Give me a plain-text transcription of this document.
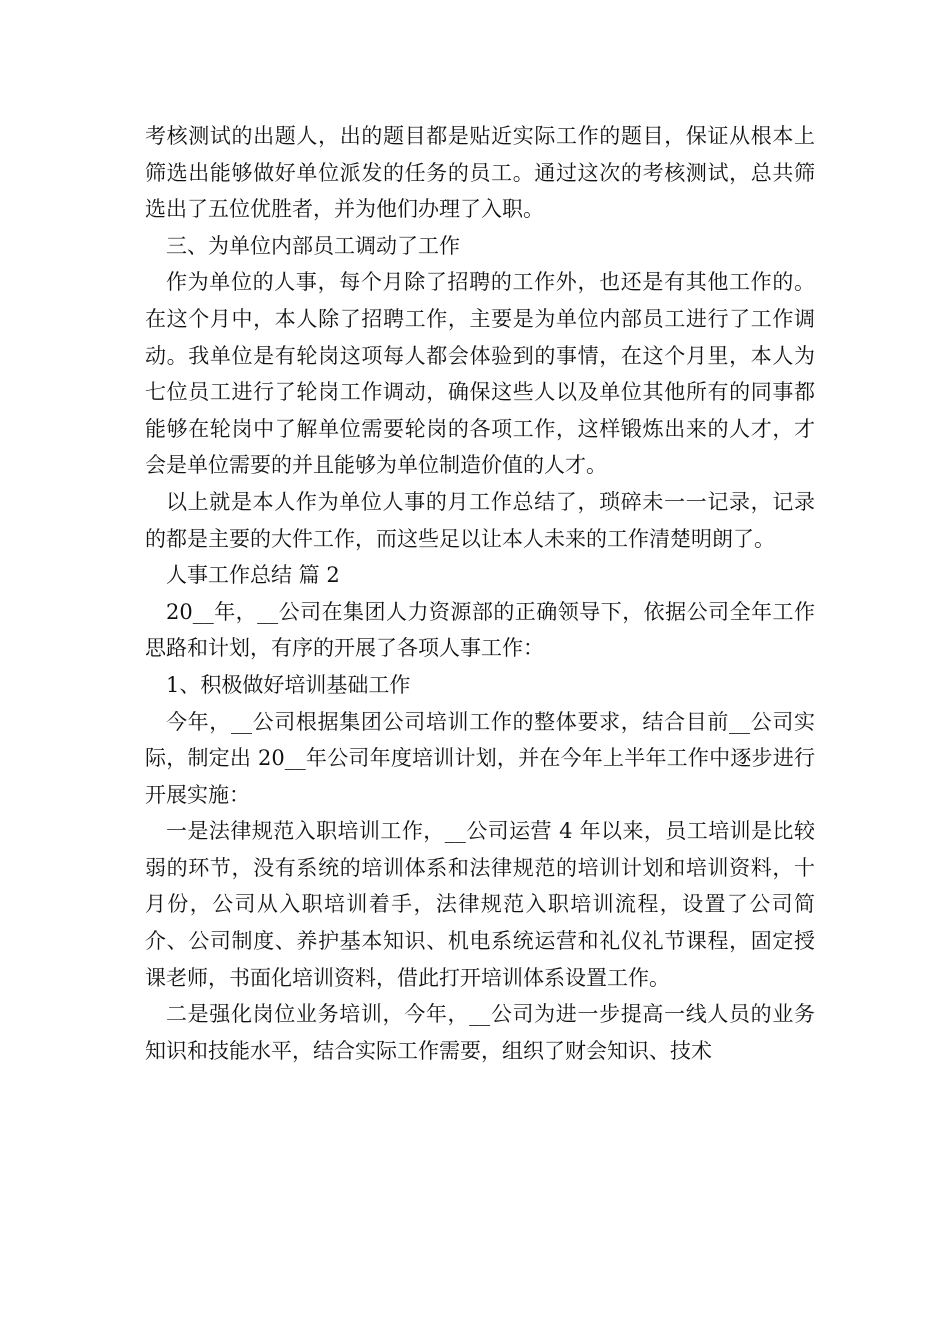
考核测试的出题人，出的题目都是贴近实际工作的题目，保证从根本上筛选出能够做好单位派发的任务的员工。通过这次的考核测试，总共筛选出了五位优胜者，并为他们办理了入职。

三、为单位内部员工调动了工作

作为单位的人事，每个月除了招聘的工作外，也还是有其他工作的。在这个月中，本人除了招聘工作，主要是为单位内部员工进行了工作调动。我单位是有轮岗这项每人都会体验到的事情，在这个月里，本人为七位员工进行了轮岗工作调动，确保这些人以及单位其他所有的同事都能够在轮岗中了解单位需要轮岗的各项工作，这样锻炼出来的人才，才会是单位需要的并且能够为单位制造价值的人才。

以上就是本人作为单位人事的月工作总结了，琐碎未一一记录，记录的都是主要的大件工作，而这些足以让本人未来的工作清楚明朗了。

人事工作总结 篇 2

20__年，__公司在集团人力资源部的正确领导下，依据公司全年工作思路和计划，有序的开展了各项人事工作：

1、积极做好培训基础工作

今年，__公司根据集团公司培训工作的整体要求，结合目前__公司实际，制定出 20__年公司年度培训计划，并在今年上半年工作中逐步进行开展实施：

一是法律规范入职培训工作，__公司运营 4 年以来，员工培训是比较弱的环节，没有系统的培训体系和法律规范的培训计划和培训资料，十月份，公司从入职培训着手，法律规范入职培训流程，设置了公司简介、公司制度、养护基本知识、机电系统运营和礼仪礼节课程，固定授课老师，书面化培训资料，借此打开培训体系设置工作。

二是强化岗位业务培训，今年，__公司为进一步提高一线人员的业务知识和技能水平，结合实际工作需要，组织了财会知识、技术
